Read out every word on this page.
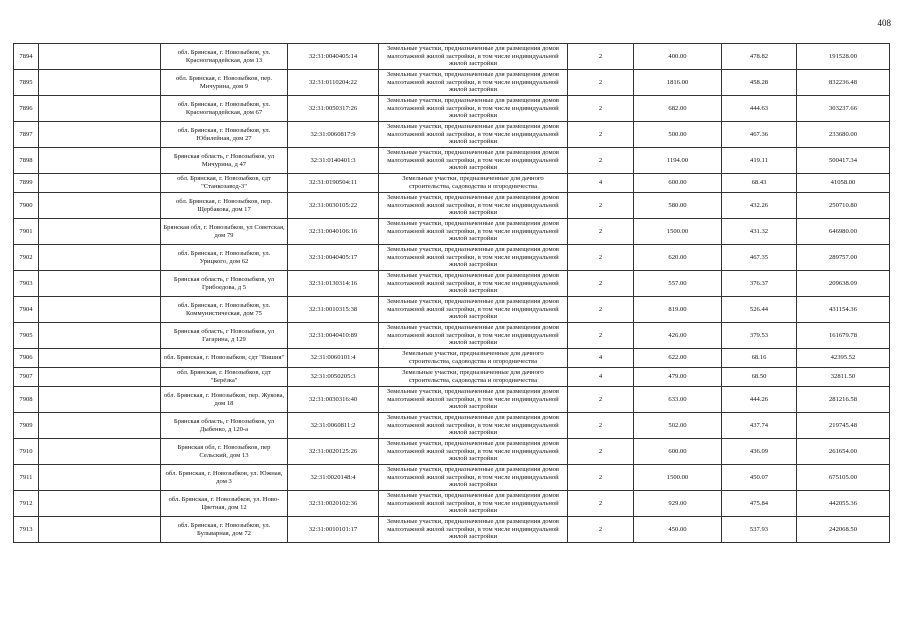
408
7894		обл. Брянская, г. Новозыбков, ул. Красногвардейская, дом 13	32:31:0040405:14	Земельные участки, предназначенные для размещения домов малоэтажной жилой застройки, в том числе индивидуальной жилой застройки	2	400.00	478.82	191528.00
7895		обл. Брянская, г. Новозыбков, пер. Мичурина, дом 9	32:31:0110204:22	Земельные участки, предназначенные для размещения домов малоэтажной жилой застройки, в том числе индивидуальной жилой застройки	2	1816.00	458.28	832236.48
7896		обл. Брянская, г. Новозыбков, ул. Красногвардейская, дом 67	32:31:0050317:26	Земельные участки, предназначенные для размещения домов малоэтажной жилой застройки, в том числе индивидуальной жилой застройки	2	682.00	444.63	303237.66
7897		обл. Брянская, г. Новозыбков, ул. Юбилейная, дом 27	32:31:0060817:9	Земельные участки, предназначенные для размещения домов малоэтажной жилой застройки, в том числе индивидуальной жилой застройки	2	500.00	467.36	233680.00
7898		Брянская область, г Новозыбков, ул Мичурина, д 47	32:31:0140401:3	Земельные участки, предназначенные для размещения домов малоэтажной жилой застройки, в том числе индивидуальной жилой застройки	2	1194.00	419.11	500417.34
7899		обл. Брянская, г. Новозыбков, сдт "Станкозавод-3"	32:31:0190504:11	Земельные участки, предназначенные для дачного строительства, садоводства и огородничества	4	600.00	68.43	41058.00
7900		обл. Брянская, г. Новозыбков, пер. Щербакова, дом 17	32:31:0030105:22	Земельные участки, предназначенные для размещения домов малоэтажной жилой застройки, в том числе индивидуальной жилой застройки	2	580.00	432.26	250710.80
7901		Брянская обл, г. Новозыбков, ул Советская, дом 79	32:31:0040106:16	Земельные участки, предназначенные для размещения домов малоэтажной жилой застройки, в том числе индивидуальной жилой застройки	2	1500.00	431.32	646980.00
7902		обл. Брянская, г. Новозыбков, ул. Урицкого, дом 62	32:31:0040405:17	Земельные участки, предназначенные для размещения домов малоэтажной жилой застройки, в том числе индивидуальной жилой застройки	2	620.00	467.35	289757.00
7903		Брянская область, г Новозыбков, ул Грибоедова, д 5	32:31:0130314:16	Земельные участки, предназначенные для размещения домов малоэтажной жилой застройки, в том числе индивидуальной жилой застройки	2	557.00	376.37	209638.09
7904		обл. Брянская, г. Новозыбков, ул. Коммунистическая, дом 75	32:31:0010315:38	Земельные участки, предназначенные для размещения домов малоэтажной жилой застройки, в том числе индивидуальной жилой застройки	2	819.00	526.44	431154.36
7905		Брянская область, г Новозыбков, ул Гагарина, д 129	32:31:0040410:89	Земельные участки, предназначенные для размещения домов малоэтажной жилой застройки, в том числе индивидуальной жилой застройки	2	426.00	379.53	161679.78
7906		обл. Брянская, г. Новозыбков, сдт "Вишня"	32:31:0060101:4	Земельные участки, предназначенные для дачного строительства, садоводства и огородничества	4	622.00	68.16	42395.52
7907		обл. Брянская, г. Новозыбков, сдт "Берёзка"	32:31:0050205:3	Земельные участки, предназначенные для дачного строительства, садоводства и огородничества	4	479.00	68.50	32811.50
7908		обл. Брянская, г. Новозыбков, пер. Жукова, дом 18	32:31:0030316:40	Земельные участки, предназначенные для размещения домов малоэтажной жилой застройки, в том числе индивидуальной жилой застройки	2	633.00	444.26	281216.58
7909		Брянская область, г Новозыбков, ул Дыбенко, д 120-а	32:31:0060811:2	Земельные участки, предназначенные для размещения домов малоэтажной жилой застройки, в том числе индивидуальной жилой застройки	2	502.00	437.74	219745.48
7910		Брянская обл, г. Новозыбков, пер Сельский, дом 13	32:31:0020125:26	Земельные участки, предназначенные для размещения домов малоэтажной жилой застройки, в том числе индивидуальной жилой застройки	2	600.00	436.09	261654.00
7911		обл. Брянская, г. Новозыбков, ул. Южная, дом 3	32:31:0020148:4	Земельные участки, предназначенные для размещения домов малоэтажной жилой застройки, в том числе индивидуальной жилой застройки	2	1500.00	450.07	675105.00
7912		обл. Брянская, г. Новозыбков, ул. Ново-Цветная, дом 12	32:31:0020102:36	Земельные участки, предназначенные для размещения домов малоэтажной жилой застройки, в том числе индивидуальной жилой застройки	2	929.00	475.84	442055.36
7913		обл. Брянская, г. Новозыбков, ул. Бульварная, дом 72	32:31:0010101:17	Земельные участки, предназначенные для размещения домов малоэтажной жилой застройки, в том числе индивидуальной жилой застройки	2	450.00	537.93	242068.50
